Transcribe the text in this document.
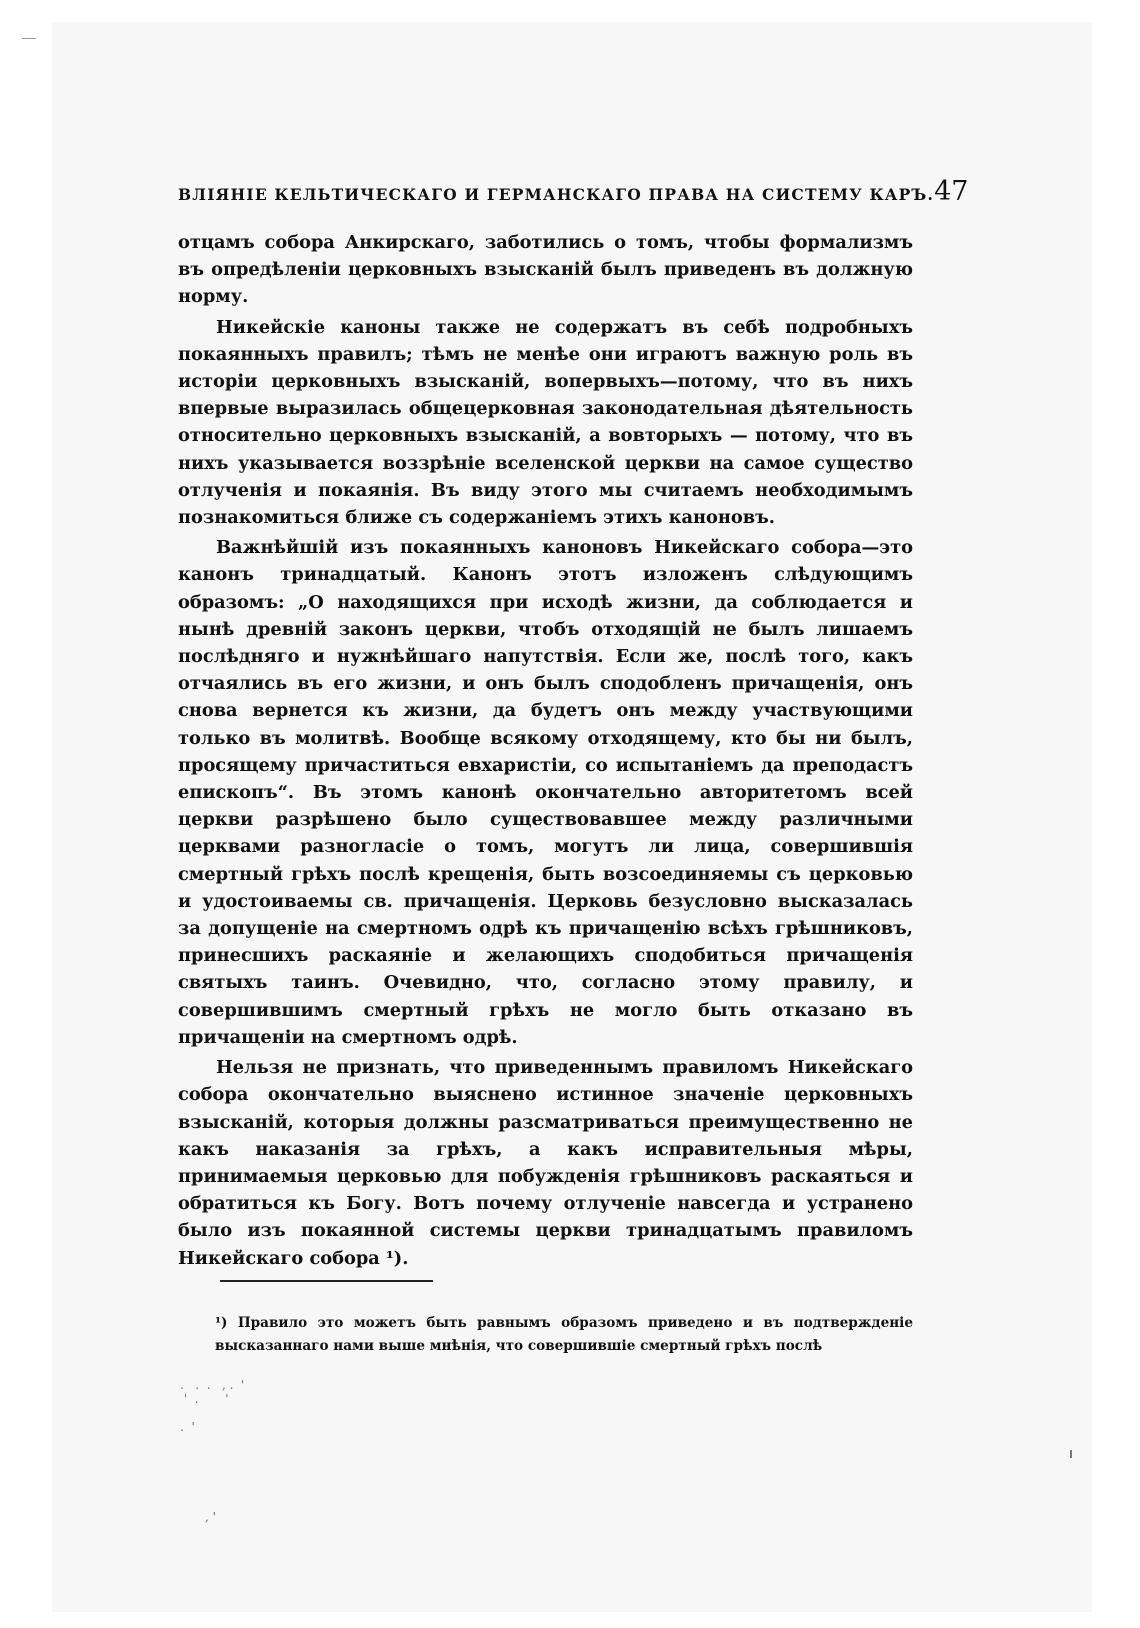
ВЛІЯНІЕ КЕЛЬТИЧЕСКАГО И ГЕРМАНСКАГО ПРАВА НА СИСТЕМУ КАРЪ. 47

отцамъ собора Анкирскаго, заботились о томъ, чтобы формализмъ въ опредѣленіи церковныхъ взысканій былъ приведенъ въ должную норму.

Никейскіе каноны также не содержатъ въ себѣ подробныхъ покаянныхъ правилъ; тѣмъ не менѣе они играютъ важную роль въ исторіи церковныхъ взысканій, вопервыхъ—потому, что въ нихъ впервые выразилась общецерковная законодательная дѣятельность относительно церковныхъ взысканій, а вовторыхъ — потому, что въ нихъ указывается воззрѣніе вселенской церкви на самое существо отлученія и покаянія. Въ виду этого мы считаемъ необходимымъ познакомиться ближе съ содержаніемъ этихъ каноновъ.

Важнѣйшій изъ покаянныхъ каноновъ Никейскаго собора—это канонъ тринадцатый. Канонъ этотъ изложенъ слѣдующимъ образомъ: „О находящихся при исходѣ жизни, да соблюдается и нынѣ древній законъ церкви, чтобъ отходящій не былъ лишаемъ послѣдняго и нужнѣйшаго напутствія. Если же, послѣ того, какъ отчаялись въ его жизни, и онъ былъ сподобленъ причащенія, онъ снова вернется къ жизни, да будетъ онъ между участвующими только въ молитвѣ. Вообще всякому отходящему, кто бы ни былъ, просящему причаститься евхаристіи, со испытаніемъ да преподастъ епископъ“. Въ этомъ канонѣ окончательно авторитетомъ всей церкви разрѣшено было существовавшее между различными церквами разногласіе о томъ, могутъ ли лица, совершившія смертный грѣхъ послѣ крещенія, быть возсоединяемы съ церковью и удостоиваемы св. причащенія. Церковь безусловно высказалась за допущеніе на смертномъ одрѣ къ причащенію всѣхъ грѣшниковъ, принесшихъ раскаяніе и желающихъ сподобиться причащенія святыхъ таинъ. Очевидно, что, согласно этому правилу, и совершившимъ смертный грѣхъ не могло быть отказано въ причащеніи на смертномъ одрѣ.

Нельзя не признать, что приведеннымъ правиломъ Никейскаго собора окончательно выяснено истинное значеніе церковныхъ взысканій, которыя должны разсматриваться преимущественно не какъ наказанія за грѣхъ, а какъ исправительныя мѣры, принимаемыя церковью для побужденія грѣшниковъ раскаяться и обратиться къ Богу. Вотъ почему отлученіе навсегда и устранено было изъ покаянной системы церкви тринадцатымъ правиломъ Никейскаго собора ¹).

¹) Правило это можетъ быть равнымъ образомъ приведено и въ подтвержденіе высказаннаго нами выше мнѣнія, что совершившіе смертный грѣхъ послѣ

.   .  .   , .  '
'  .       '

.  '
, '
